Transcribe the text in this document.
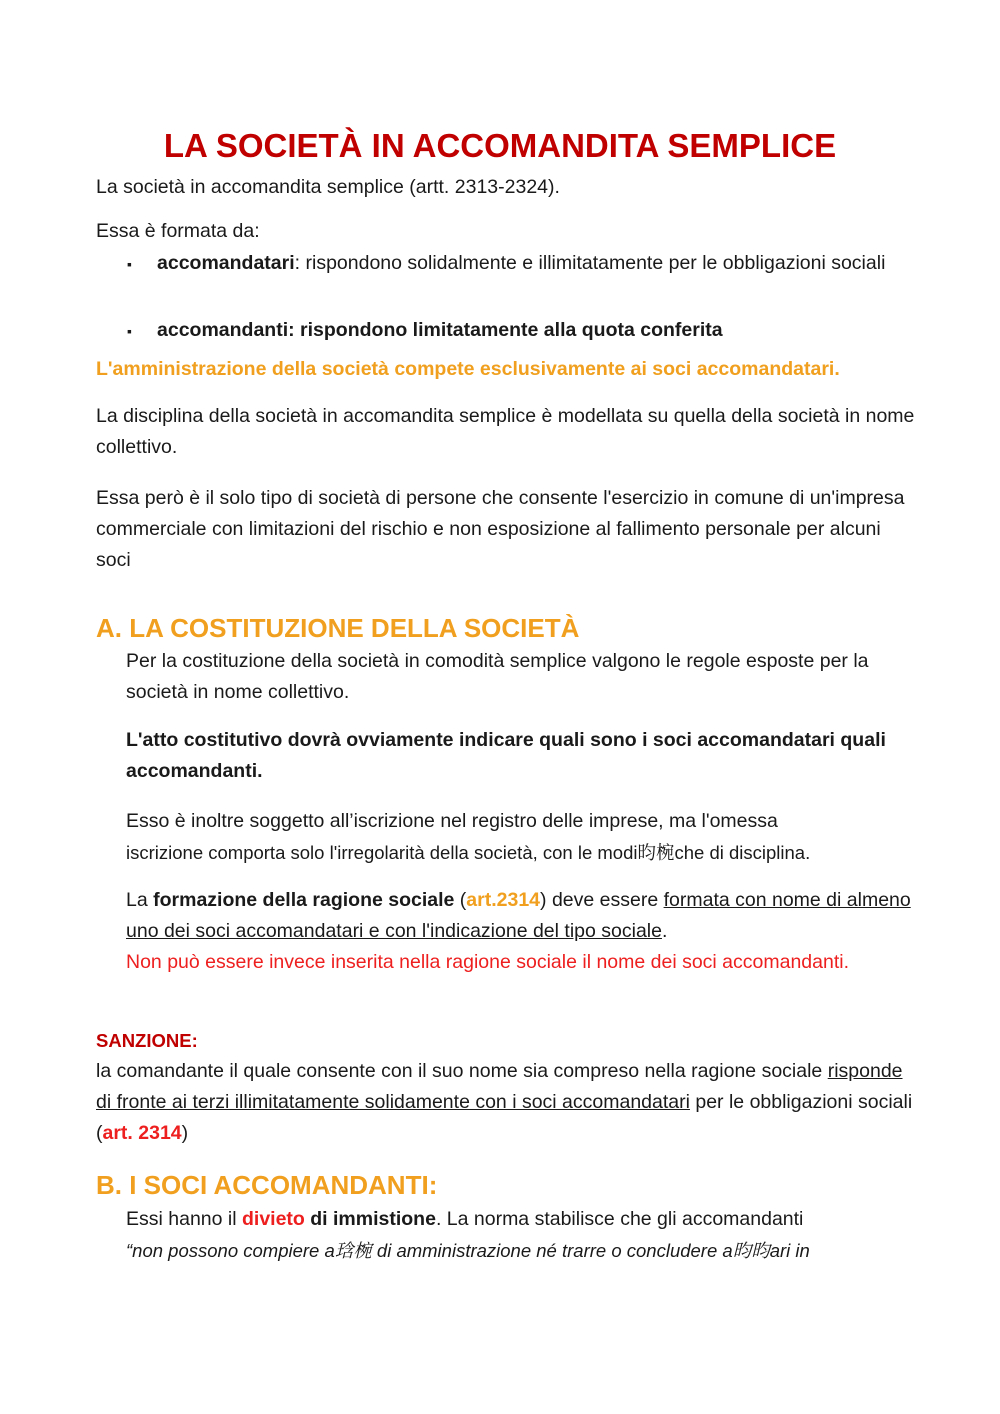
LA SOCIETÀ IN ACCOMANDITA SEMPLICE

La società in accomandita semplice (artt. 2313-2324).

Essa è formata da:

▪ accomandatari: rispondono solidalmente e illimitatamente per le obbligazioni sociali
▪ accomandanti: rispondono limitatamente alla quota conferita

L'amministrazione della società compete esclusivamente ai soci accomandatari.

La disciplina della società in accomandita semplice è modellata su quella della società in nome collettivo.

Essa però è il solo tipo di società di persone che consente l'esercizio in comune di un'impresa commerciale con limitazioni del rischio e non esposizione al fallimento personale per alcuni soci

A. LA COSTITUZIONE DELLA SOCIETÀ

Per la costituzione della società in comodità semplice valgono le regole esposte per la società in nome collettivo.

L'atto costitutivo dovrà ovviamente indicare quali sono i soci accomandatari quali accomandanti.

Esso è inoltre soggetto all’iscrizione nel registro delle imprese, ma l'omessa
iscrizione comporta solo l'irregolarità della società, con le modi昀椀che di disciplina.

La formazione della ragione sociale (art.2314) deve essere formata con nome di almeno uno dei soci accomandatari e con l'indicazione del tipo sociale.
Non può essere invece inserita nella ragione sociale il nome dei soci accomandanti.

SANZIONE:

la comandante il quale consente con il suo nome sia compreso nella ragione sociale risponde di fronte ai terzi illimitatamente solidamente con i soci accomandatari per le obbligazioni sociali (art. 2314)

B. I SOCI ACCOMANDANTI:

Essi hanno il divieto di immistione. La norma stabilisce che gli accomandanti
“non possono compiere a琀椀 di amministrazione né trarre o concludere a昀昀ari in
